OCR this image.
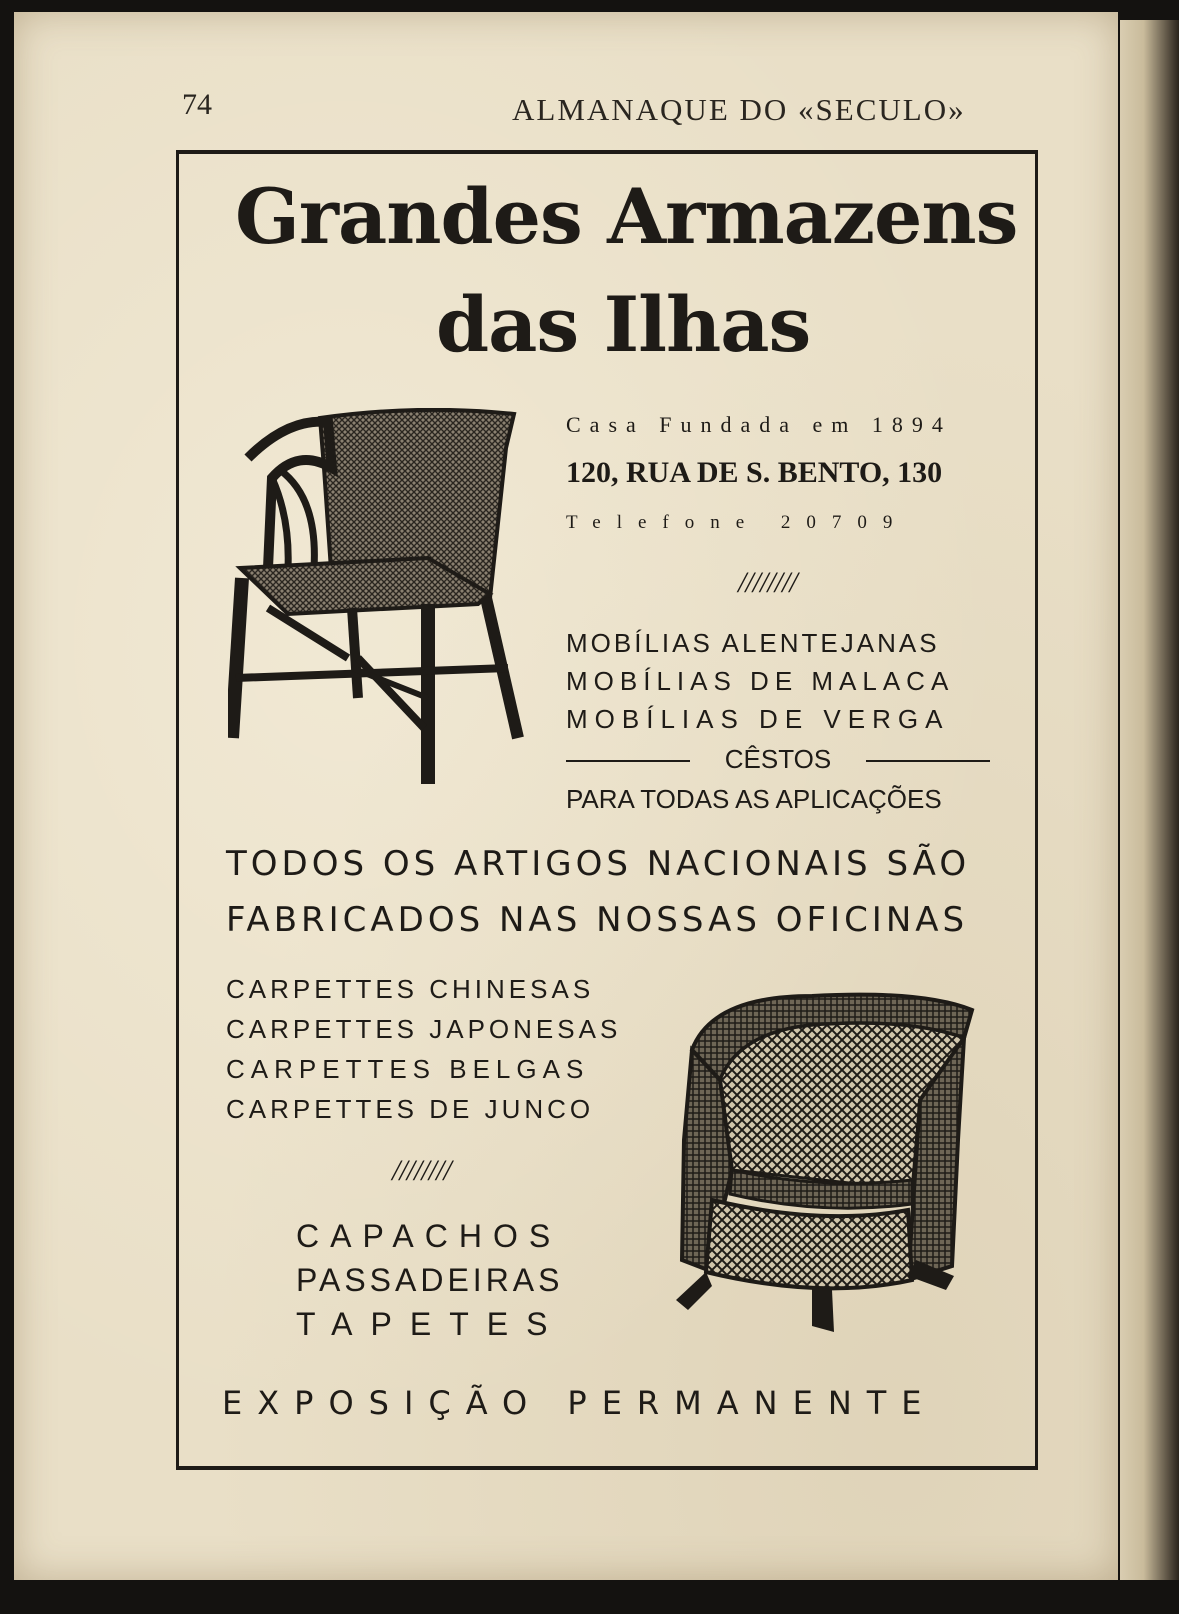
74	ALMANAQUE DO «SECULO»
Grandes Armazens
das Ilhas
Casa Fundada em 1894
120, RUA DE S. BENTO, 130
Telefone 20709
////////
MOBÍLIAS ALENTEJANAS
MOBÍLIAS DE MALACA
MOBÍLIAS DE VERGA
CÊSTOS
PARA TODAS AS APLICAÇÕES
TODOS OS ARTIGOS NACIONAIS SÃO
FABRICADOS NAS NOSSAS OFICINAS
CARPETTES CHINESAS
CARPETTES JAPONESAS
CARPETTES BELGAS
CARPETTES DE JUNCO
////////
CAPACHOS
PASSADEIRAS
TAPETES
EXPOSIÇÃO PERMANENTE
